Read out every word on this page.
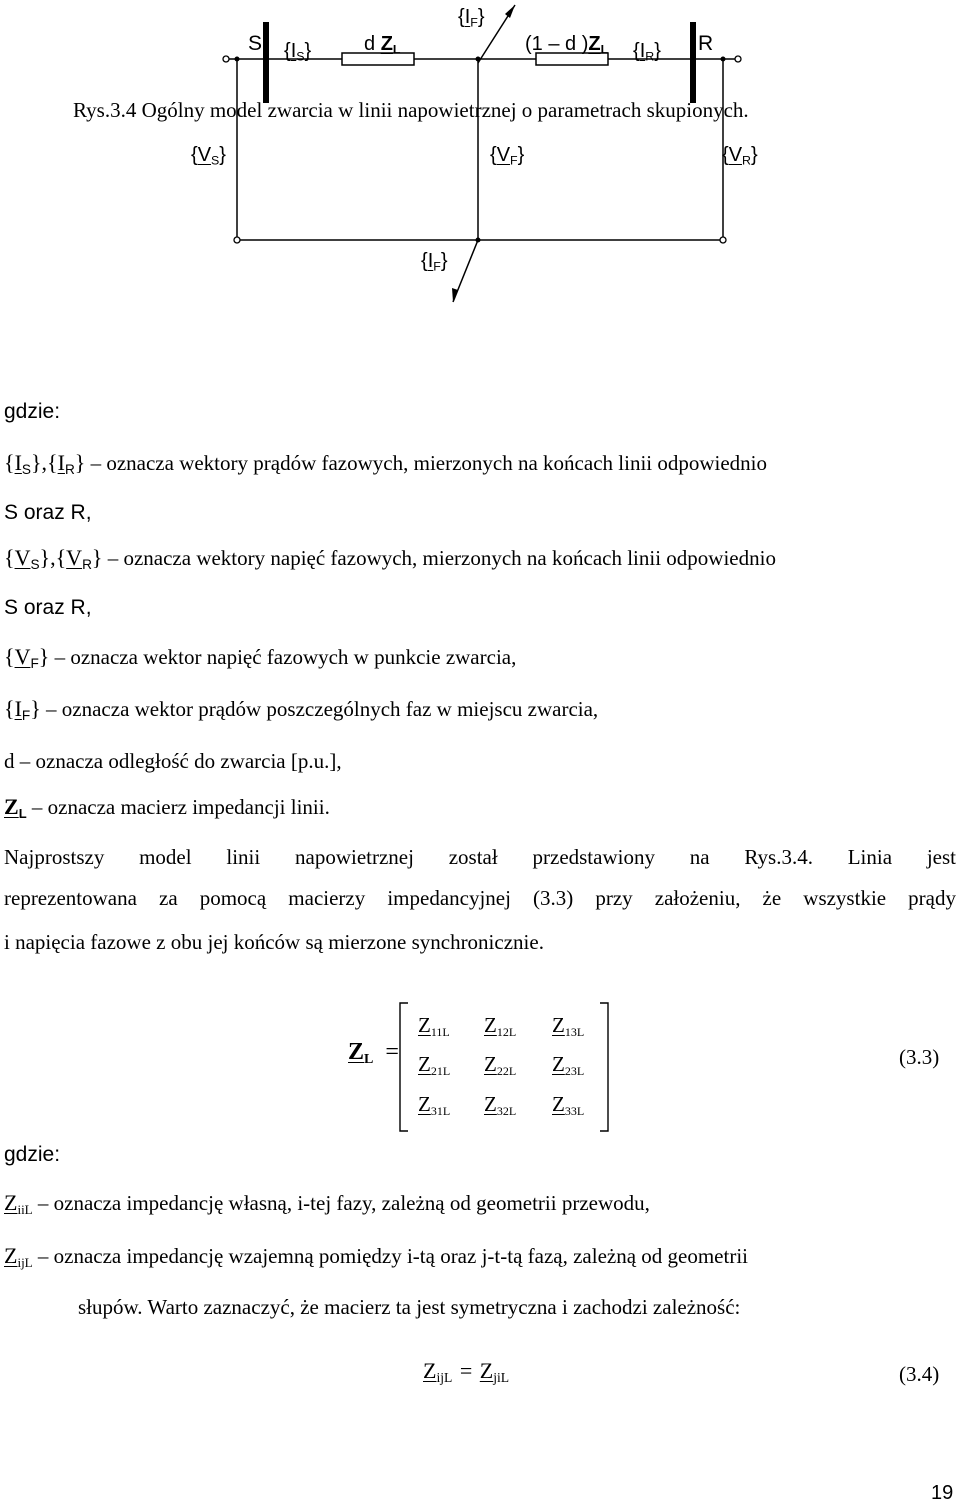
S	R
$\{I_S\}$	$\{I_R\}$
$\{I_F\}$
d $Z_L$	(1 – d )$Z_L$
$\{V_S\}$	$\{V_F\}$	$\{V_R\}$
$\{I_F\}$
Rys.3.4 Ogólny model zwarcia w linii napowietrznej o parametrach skupionych.
gdzie:
$\{I_S\},\{I_R\}$ – oznacza wektory prądów fazowych, mierzonych na końcach linii odpowiednio
S oraz R,
$\{V_S\},\{V_R\}$ – oznacza wektory napięć fazowych, mierzonych na końcach linii odpowiednio
S oraz R,
$\{V_F\}$ – oznacza wektor napięć fazowych w punkcie zwarcia,
$\{I_F\}$ – oznacza wektor prądów poszczególnych faz w miejscu zwarcia,
d – oznacza odległość do zwarcia [p.u.],
$Z_L$ – oznacza macierz impedancji linii.
Najprostszy model linii napowietrznej został przedstawiony na Rys.3.4. Linia jest
reprezentowana za pomocą macierzy impedancyjnej (3.3) przy założeniu, że wszystkie prądy
i napięcia fazowe z obu jej końców są mierzone synchronicznie.
$Z_L$ =
$Z_{11L}$ $Z_{12L}$ $Z_{13L}$
$Z_{21L}$ $Z_{22L}$ $Z_{23L}$
$Z_{31L}$ $Z_{32L}$ $Z_{33L}$
(3.3)
gdzie:
$Z_{iiL}$ – oznacza impedancję własną, i-tej fazy, zależną od geometrii przewodu,
$Z_{ijL}$ – oznacza impedancję wzajemną pomiędzy i-tą oraz j-t-tą fazą, zależną od geometrii
słupów. Warto zaznaczyć, że macierz ta jest symetryczna i zachodzi zależność:
$Z_{ijL} = Z_{jiL}$	(3.4)
19
